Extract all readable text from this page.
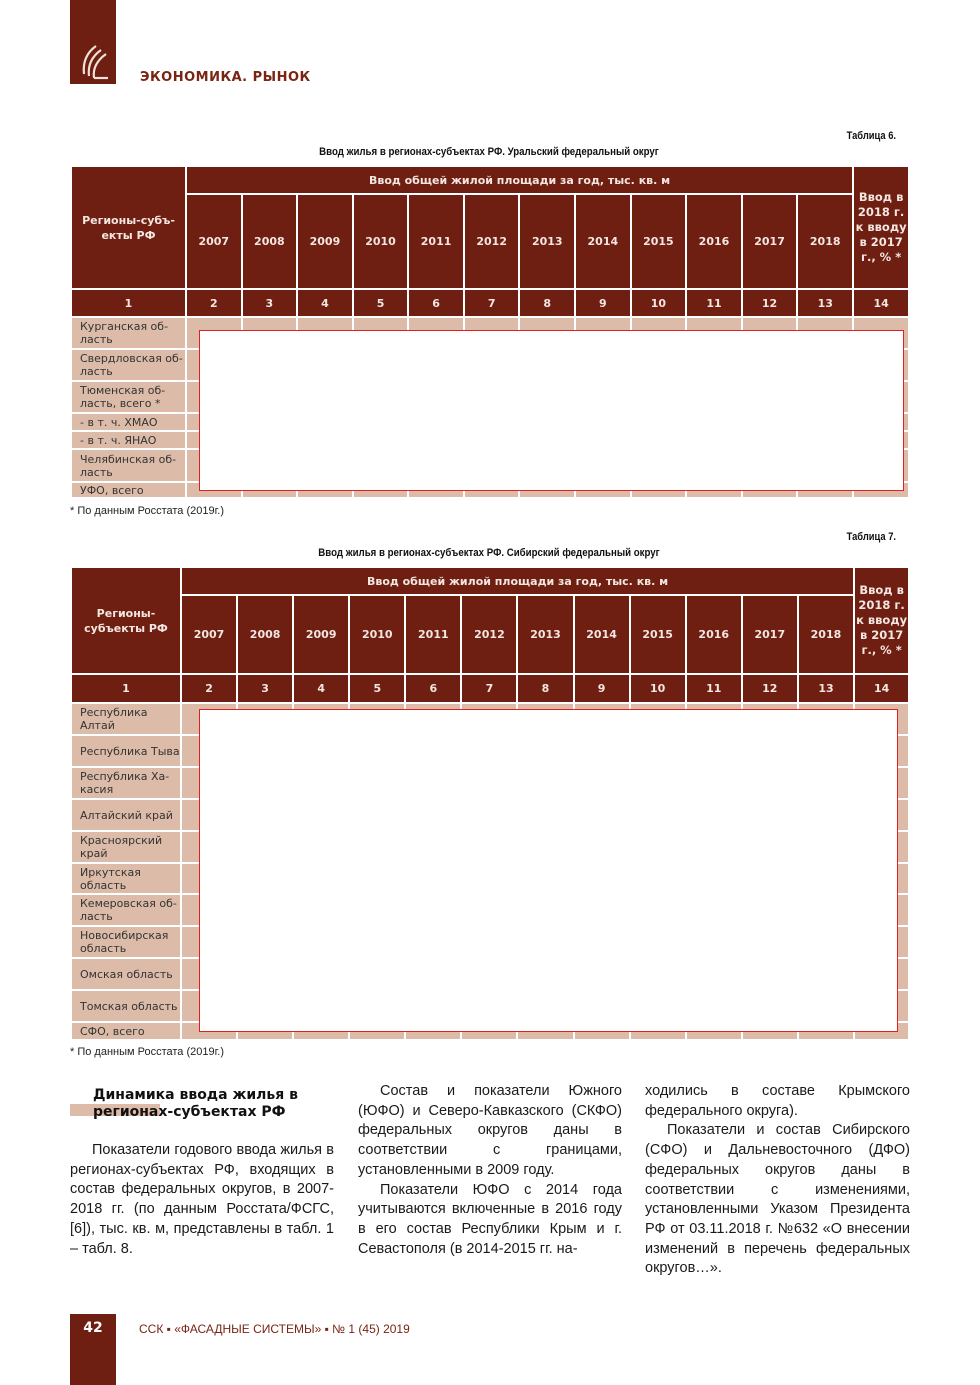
ЭКОНОМИКА. РЫНОК
Таблица 6.
Ввод жилья в регионах-субъектах РФ. Уральский федеральный округ
Регионы-субъ-екты РФ	Ввод общей жилой площади за год, тыс. кв. м												Ввод в 2018 г. к вводу в 2017 г., % *
	2007	2008	2009	2010	2011	2012	2013	2014	2015	2016	2017	2018	
1	2	3	4	5	6	7	8	9	10	11	12	13	14
Курганская об-ласть													
Свердловская об-ласть													
Тюменская об-ласть, всего *													
- в т. ч. ХМАО													
- в т. ч. ЯНАО													
Челябинская об-ласть													
УФО, всего													
* По данным Росстата (2019г.)
Таблица 7.
Ввод жилья в регионах-субъектах РФ. Сибирский федеральный округ
Регионы-субъекты РФ	Ввод общей жилой площади за год, тыс. кв. м												Ввод в 2018 г. к вводу в 2017 г., % *
	2007	2008	2009	2010	2011	2012	2013	2014	2015	2016	2017	2018	
1	2	3	4	5	6	7	8	9	10	11	12	13	14
Республика Алтай													
Республика Тыва													
Республика Ха-касия													
Алтайский край													
Красноярский край													
Иркутская область													
Кемеровская об-ласть													
Новосибирская область													
Омская область													
Томская область													
СФО, всего													
* По данным Росстата (2019г.)
Динамика ввода жилья в регионах-субъектах РФ

Показатели годового ввода жилья в регионах-субъектах РФ, входящих в состав федеральных округов, в 2007-2018 гг. (по данным Росстата/ФСГС, [6]), тыс. кв. м, представлены в табл. 1 – табл. 8.

Состав и показатели Южного (ЮФО) и Северо-Кавказского (СКФО) федеральных округов даны в соответствии с границами, установленными в 2009 году.

Показатели ЮФО с 2014 года учитываются включенные в 2016 году в его состав Республики Крым и г. Севастополя (в 2014-2015 гг. на-

ходились в составе Крымского федерального округа).

Показатели и состав Сибирского (СФО) и Дальневосточного (ДФО) федеральных округов даны в соответствии с изменениями, установленными Указом Президента РФ от 03.11.2018 г. №632 «О внесении изменений в перечень федеральных округов…».

42	ССК ▪ «ФАСАДНЫЕ СИСТЕМЫ» ▪ № 1 (45) 2019
